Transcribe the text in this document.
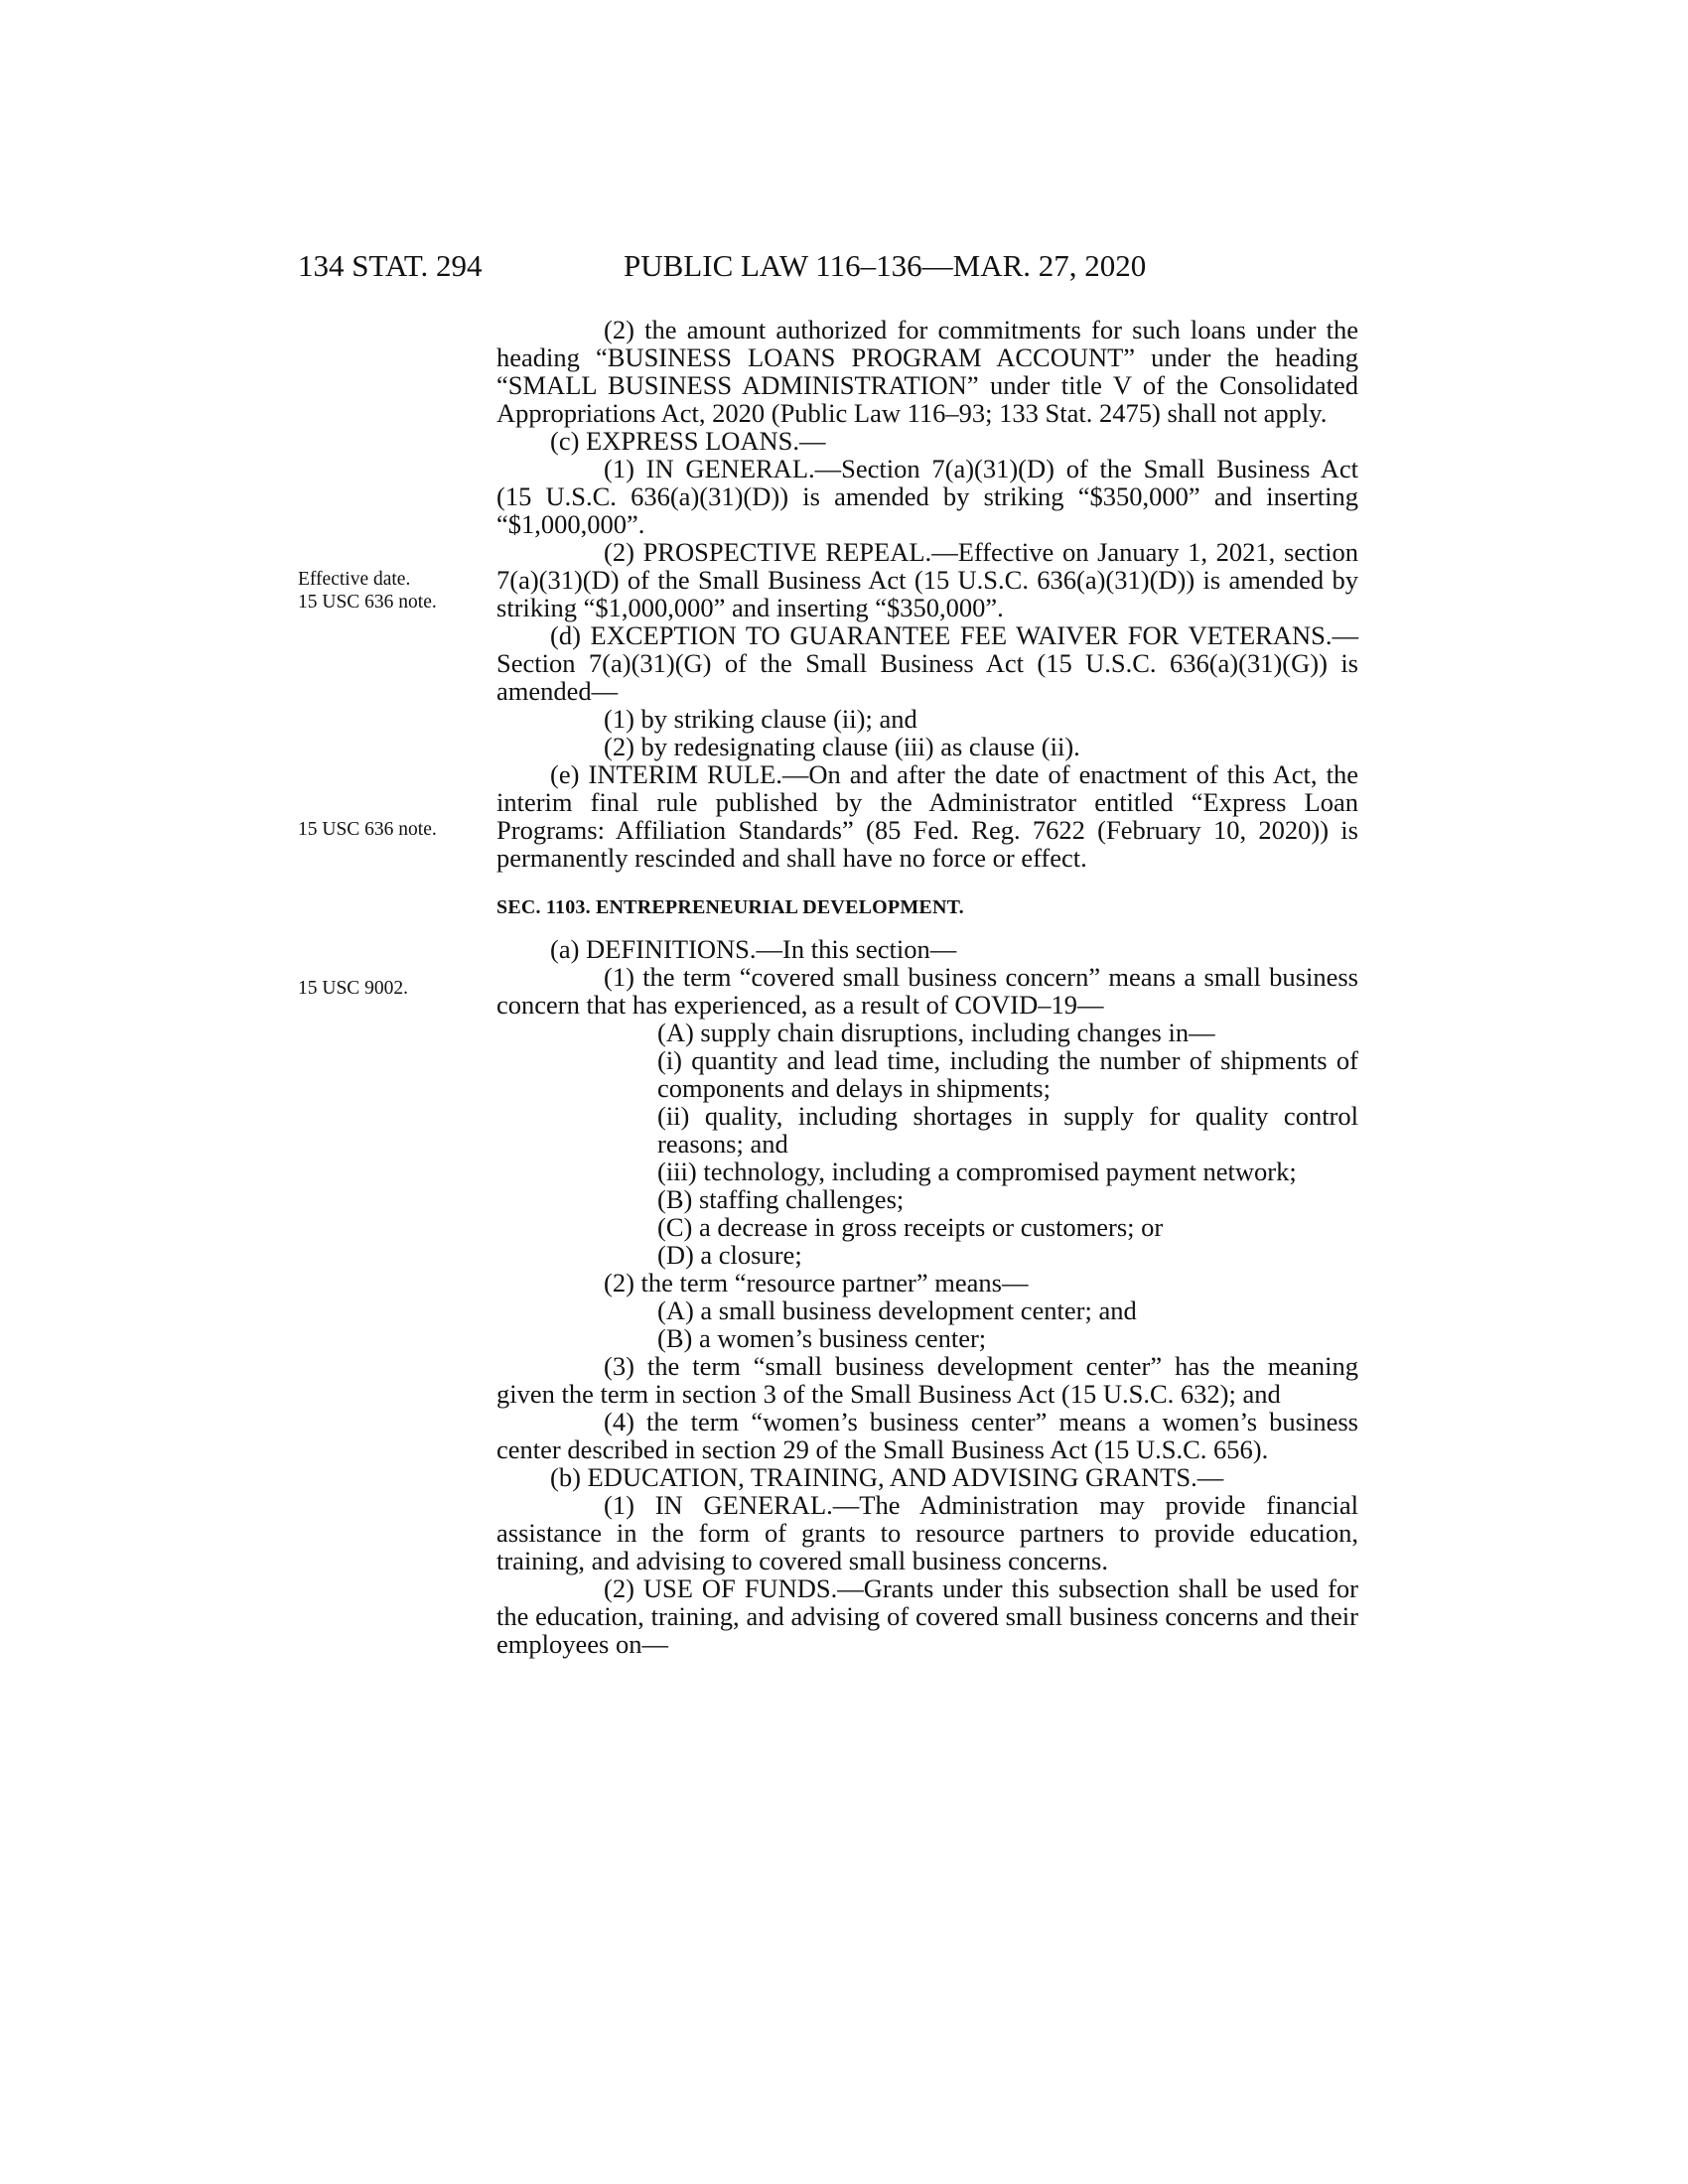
134 STAT. 294	PUBLIC LAW 116–136—MAR. 27, 2020
Effective date.
15 USC 636 note.
15 USC 636 note.
15 USC 9002.

(2) the amount authorized for commitments for such loans under the heading “BUSINESS LOANS PROGRAM ACCOUNT” under the heading “SMALL BUSINESS ADMINISTRATION” under title V of the Consolidated Appropriations Act, 2020 (Public Law 116–93; 133 Stat. 2475) shall not apply.

(c) EXPRESS LOANS.—

(1) IN GENERAL.—Section 7(a)(31)(D) of the Small Business Act (15 U.S.C. 636(a)(31)(D)) is amended by striking “$350,000” and inserting “$1,000,000”.

(2) PROSPECTIVE REPEAL.—Effective on January 1, 2021, section 7(a)(31)(D) of the Small Business Act (15 U.S.C. 636(a)(31)(D)) is amended by striking “$1,000,000” and inserting “$350,000”.

(d) EXCEPTION TO GUARANTEE FEE WAIVER FOR VETERANS.— Section 7(a)(31)(G) of the Small Business Act (15 U.S.C. 636(a)(31)(G)) is amended—

(1) by striking clause (ii); and

(2) by redesignating clause (iii) as clause (ii).

(e) INTERIM RULE.—On and after the date of enactment of this Act, the interim final rule published by the Administrator entitled “Express Loan Programs: Affiliation Standards” (85 Fed. Reg. 7622 (February 10, 2020)) is permanently rescinded and shall have no force or effect.

SEC. 1103. ENTREPRENEURIAL DEVELOPMENT.

(a) DEFINITIONS.—In this section—

(1) the term “covered small business concern” means a small business concern that has experienced, as a result of COVID–19—

(A) supply chain disruptions, including changes in—

(i) quantity and lead time, including the number of shipments of components and delays in shipments;

(ii) quality, including shortages in supply for quality control reasons; and

(iii) technology, including a compromised payment network;

(B) staffing challenges;

(C) a decrease in gross receipts or customers; or

(D) a closure;

(2) the term “resource partner” means—

(A) a small business development center; and

(B) a women’s business center;

(3) the term “small business development center” has the meaning given the term in section 3 of the Small Business Act (15 U.S.C. 632); and

(4) the term “women’s business center” means a women’s business center described in section 29 of the Small Business Act (15 U.S.C. 656).

(b) EDUCATION, TRAINING, AND ADVISING GRANTS.—

(1) IN GENERAL.—The Administration may provide financial assistance in the form of grants to resource partners to provide education, training, and advising to covered small business concerns.

(2) USE OF FUNDS.—Grants under this subsection shall be used for the education, training, and advising of covered small business concerns and their employees on—
